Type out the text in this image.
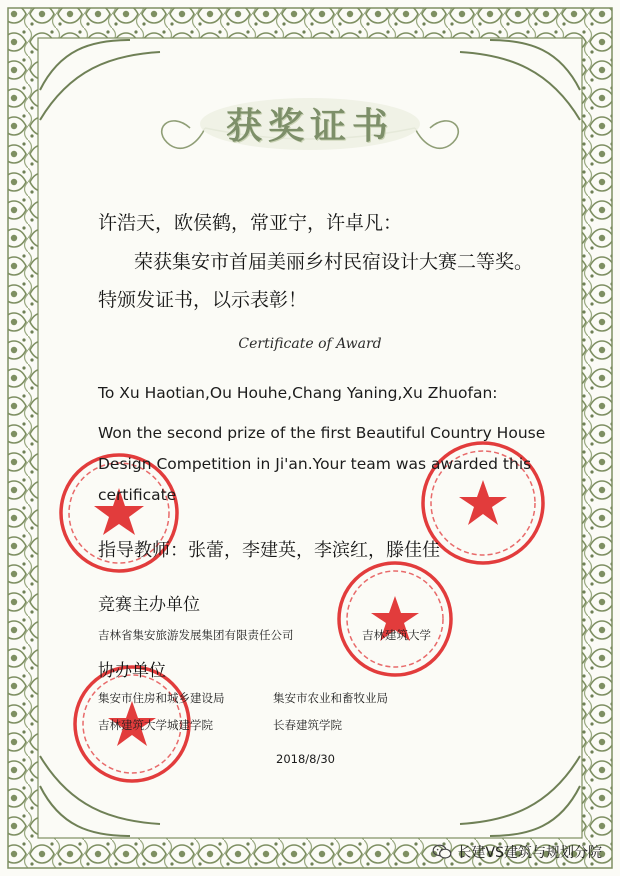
获奖证书
许浩天，欧侯鹤，常亚宁，许卓凡：
荣获集安市首届美丽乡村民宿设计大赛二等奖。
特颁发证书，以示表彰！
Certificate of Award
To Xu Haotian,Ou Houhe,Chang Yaning,Xu Zhuofan:
Won the second prize of the first Beautiful Country House
Design Competition in Ji'an.Your team was awarded this
certificate
指导教师：张蕾，李建英，李滨红，滕佳佳
竞赛主办单位
吉林省集安旅游发展集团有限责任公司	吉林建筑大学
协办单位
集安市住房和城乡建设局	集安市农业和畜牧业局
吉林建筑大学城建学院	长春建筑学院
2018/8/30
长建VS建筑与规划分院
